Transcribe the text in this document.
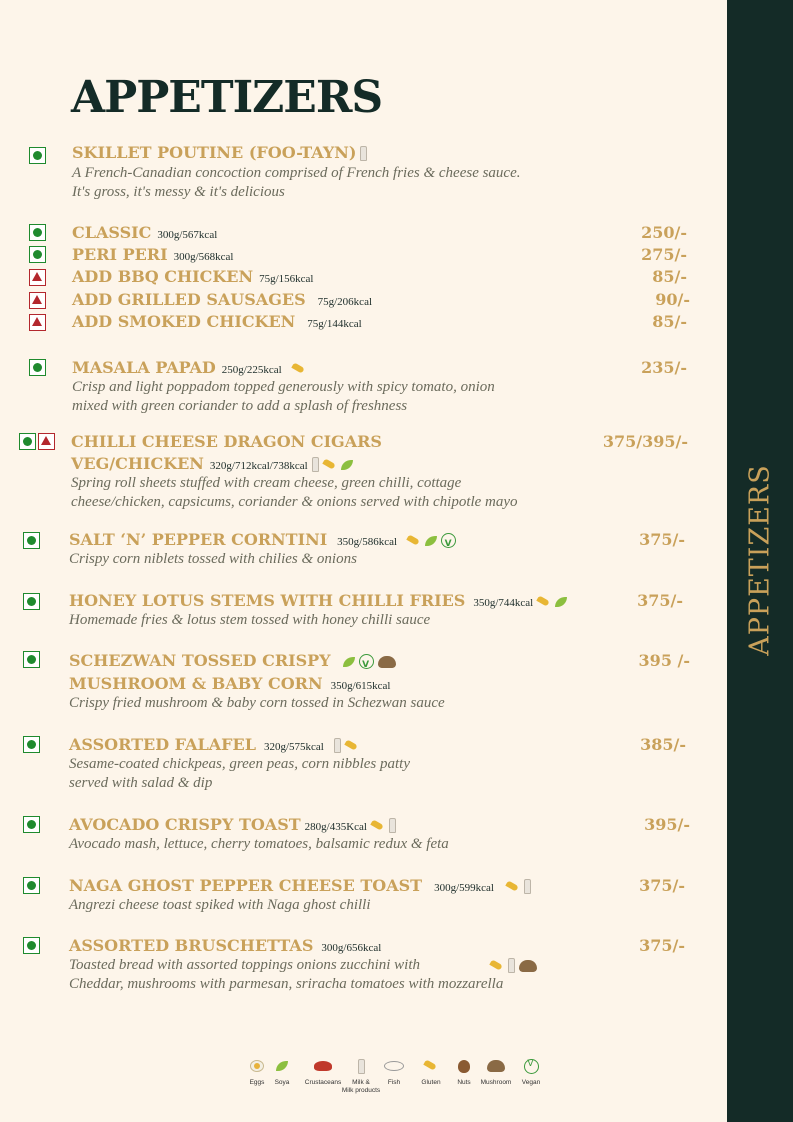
APPETIZERS
APPETIZERS
SKILLET POUTINE (FOO-TAYN)
A French-Canadian concoction comprised of French fries & cheese sauce.
It's gross, it's messy & it's delicious
CLASSIC 300g/567kcal	250/-
PERI PERI 300g/568kcal	275/-
ADD BBQ CHICKEN 75g/156kcal	85/-
ADD GRILLED SAUSAGES 75g/206kcal	90/-
ADD SMOKED CHICKEN 75g/144kcal	85/-
MASALA PAPAD 250g/225kcal	235/-
Crisp and light poppadom topped generously with spicy tomato, onion
mixed with green coriander to add a splash of freshness
CHILLI CHEESE DRAGON CIGARS	375/395/-
VEG/CHICKEN 320g/712kcal/738kcal
Spring roll sheets stuffed with cream cheese, green chilli, cottage
cheese/chicken, capsicums, coriander & onions served with chipotle mayo
SALT ‘N’ PEPPER CORNTINI 350g/586kcal V	375/-
Crispy corn niblets tossed with chilies & onions
HONEY LOTUS STEMS WITH CHILLI FRIES 350g/744kcal	375/-
Homemade fries & lotus stem tossed with honey chilli sauce
SCHEZWAN TOSSED CRISPY V	395 /-
MUSHROOM & BABY CORN 350g/615kcal
Crispy fried mushroom & baby corn tossed in Schezwan sauce
ASSORTED FALAFEL 320g/575kcal	385/-
Sesame-coated chickpeas, green peas, corn nibbles patty
served with salad & dip
AVOCADO CRISPY TOAST 280g/435Kcal	395/-
Avocado mash, lettuce, cherry tomatoes, balsamic redux & feta
NAGA GHOST PEPPER CHEESE TOAST 300g/599kcal	375/-
Angrezi cheese toast spiked with Naga ghost chilli
ASSORTED BRUSCHETTAS 300g/656kcal	375/-
Toasted bread with assorted toppings onions zucchini with
Cheddar, mushrooms with parmesan, sriracha tomatoes with mozzarella
Eggs	Soya	Crustaceans	Milk &
Milk products
Fish	Gluten	Nuts	Mushroom
V	Vegan
